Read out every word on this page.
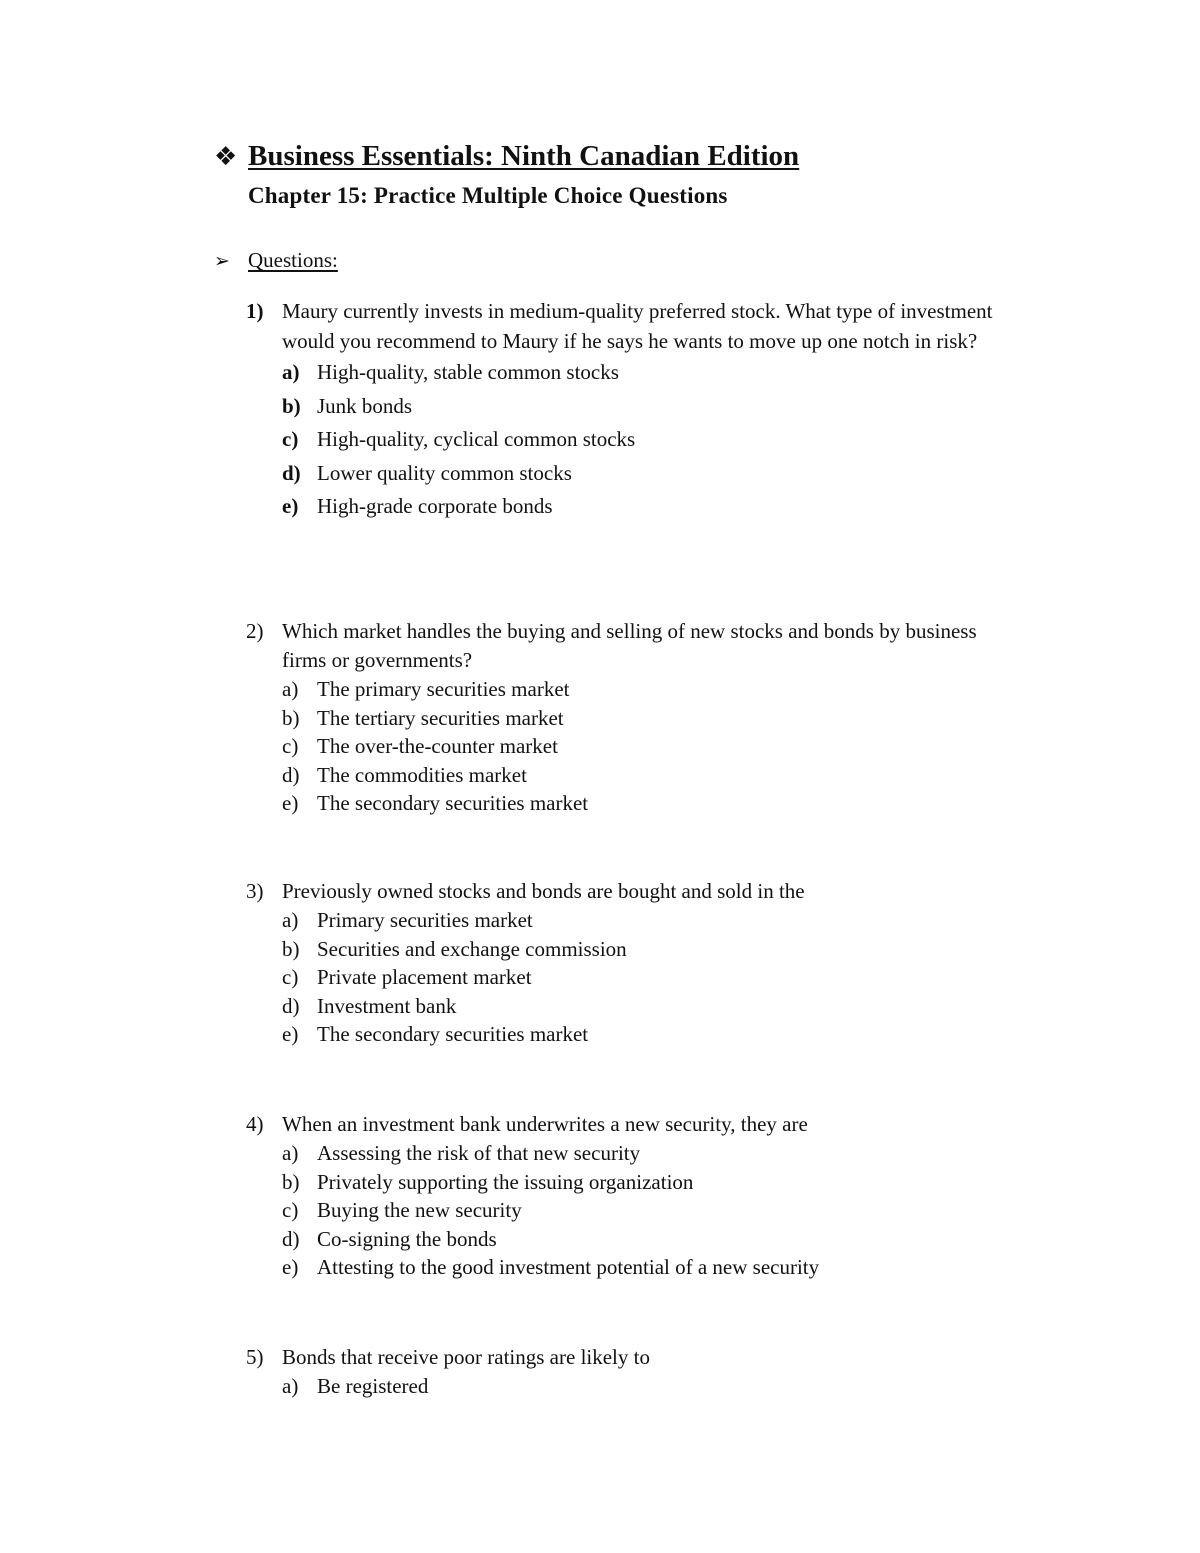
❖ Business Essentials: Ninth Canadian Edition
Chapter 15: Practice Multiple Choice Questions
➢ Questions:
1) Maury currently invests in medium-quality preferred stock. What type of investment would you recommend to Maury if he says he wants to move up one notch in risk?
a) High-quality, stable common stocks
b) Junk bonds
c) High-quality, cyclical common stocks
d) Lower quality common stocks
e) High-grade corporate bonds
2) Which market handles the buying and selling of new stocks and bonds by business firms or governments?
a) The primary securities market
b) The tertiary securities market
c) The over-the-counter market
d) The commodities market
e) The secondary securities market
3) Previously owned stocks and bonds are bought and sold in the
a) Primary securities market
b) Securities and exchange commission
c) Private placement market
d) Investment bank
e) The secondary securities market
4) When an investment bank underwrites a new security, they are
a) Assessing the risk of that new security
b) Privately supporting the issuing organization
c) Buying the new security
d) Co-signing the bonds
e) Attesting to the good investment potential of a new security
5) Bonds that receive poor ratings are likely to
a) Be registered
